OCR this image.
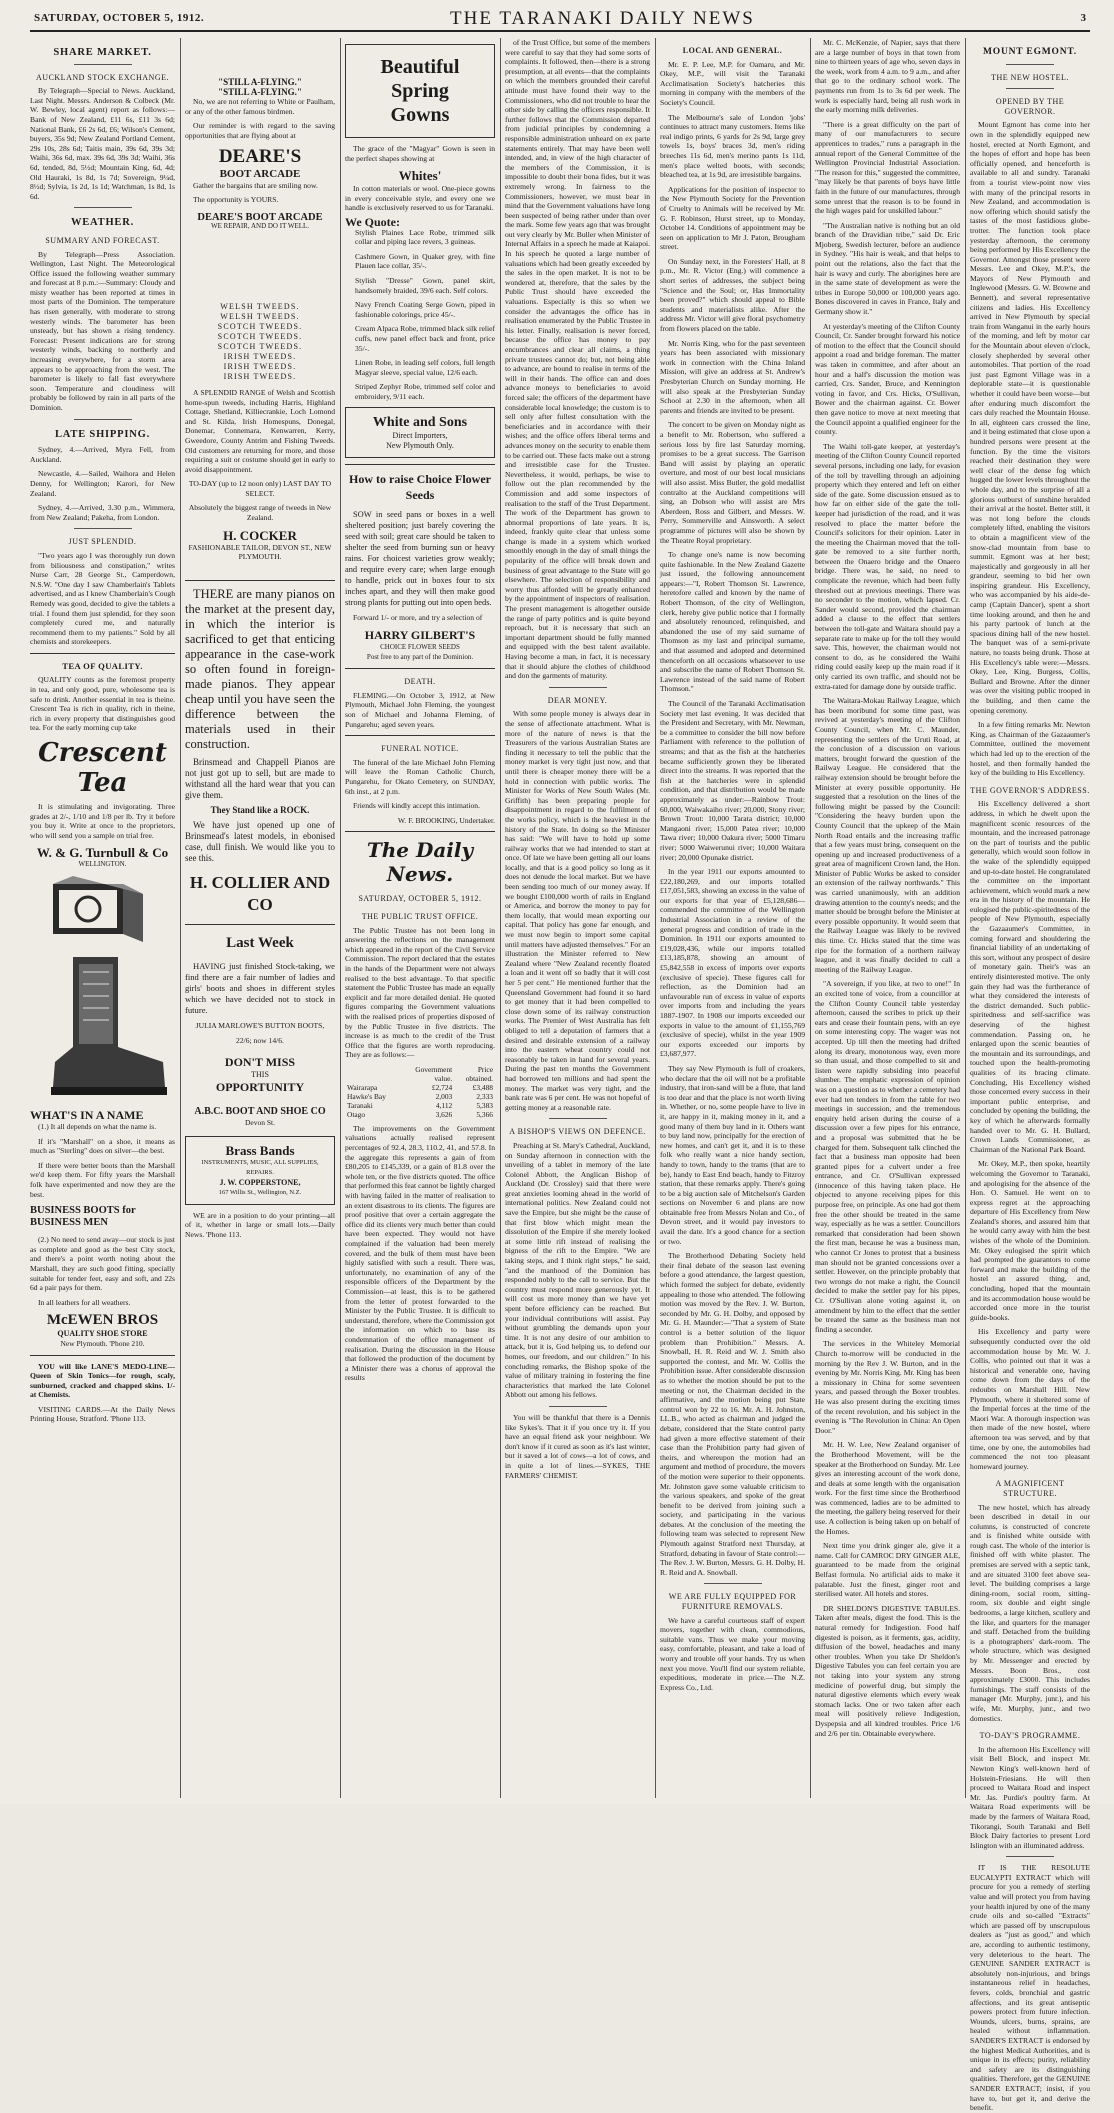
SATURDAY, OCTOBER 5, 1912.	THE TARANAKI DAILY NEWS	3
SHARE MARKET.
AUCKLAND STOCK EXCHANGE.

By Telegraph—Special to News. Auckland, Last Night. Messrs. Anderson & Colbeck (Mr. W. Bewley, local agent) report as follows:—Bank of New Zealand, £11 6s, £11 3s 6d; National Bank, £6 2s 6d, £6; Wilson's Cement, buyers, 35s 9d; New Zealand Portland Cement, 29s 10s, 28s 6d; Taitis main, 39s 6d, 39s 3d; Waihi, 36s 6d, max. 39s 6d, 39s 3d; Waihi, 36s 6d, tended, 8d, 5½d; Mountain King, 6d, 4d; Old Hauraki, 1s 8d, 1s 7d; Sovereign, 9¼d, 8½d; Sylvia, 1s 2d, 1s 1d; Watchman, 1s 8d, 1s 6d.

WEATHER.
SUMMARY AND FORECAST.

By Telegraph—Press Association. Wellington, Last Night. The Meteorological Office issued the following weather summary and forecast at 8 p.m.:—Summary: Cloudy and misty weather has been reported at times in most parts of the Dominion. The temperature has risen generally, with moderate to strong westerly winds. The barometer has been unsteady, but has shown a rising tendency. Forecast: Present indications are for strong westerly winds, backing to northerly and increasing everywhere, for a storm area appears to be approaching from the west. The barometer is likely to fall fast everywhere soon. Temperature and cloudiness will probably be followed by rain in all parts of the Dominion.

LATE SHIPPING.

Sydney, 4.—Arrived, Myra Fell, from Auckland.

Newcastle, 4.—Sailed, Waihora and Helen Denny, for Wellington; Karori, for New Zealand.

Sydney, 4.—Arrived, 3.30 p.m., Wimmera, from New Zealand; Pakeha, from London.

JUST SPLENDID.

"Two years ago I was thoroughly run down from biliousness and constipation," writes Nurse Carr, 28 George St., Camperdown, N.S.W. "One day I saw Chamberlain's Tablets advertised, and as I knew Chamberlain's Cough Remedy was good, decided to give the tablets a trial. I found them just splendid, for they soon completely cured me, and naturally recommend them to my patients." Sold by all chemists and storekeepers.

TEA OF QUALITY.

QUALITY counts as the foremost property in tea, and only good, pure, wholesome tea is safe to drink. Another essential in tea is theine. Crescent Tea is rich in quality, rich in theine, rich in every property that distinguishes good tea. For the early morning cup take

Crescent Tea

It is stimulating and invigorating. Three grades at 2/-, 1/10 and 1/8 per lb. Try it before you buy it. Write at once to the proprietors, who will send you a sample on trial free.

W. & G. Turnbull & Co
WELLINGTON.
WHAT'S IN A NAME

(1.) It all depends on what the name is.

If it's "Marshall" on a shoe, it means as much as "Sterling" does on silver—the best.

If there were better boots than the Marshall we'd keep them. For fifty years the Marshall folk have experimented and now they are the best.

BUSINESS BOOTS for BUSINESS MEN

(2.) No need to send away—our stock is just as complete and good as the best City stock, and there's a point worth noting about the Marshall, they are such good fitting, specially suitable for tender feet, easy and soft, and 22s 6d a pair pays for them.

In all leathers for all weathers.

McEWEN BROS
QUALITY SHOE STORE
New Plymouth. 'Phone 210.

YOU will like LANE'S MEDO-LINE—Queen of Skin Tonics—for rough, scaly, sunburned, cracked and chapped skins. 1/- at Chemists.

VISITING CARDS.—At the Daily News Printing House, Stratford. 'Phone 113.

"STILL A-FLYING."
"STILL A-FLYING."

No, we are not referring to White or Paulham, or any of the other famous birdmen.

Our reminder is with regard to the saving opportunities that are flying about at

DEARE'S
BOOT ARCADE

Gather the bargains that are smiling now.

The opportunity is YOURS.

DEARE'S BOOT ARCADE
WE REPAIR, AND DO IT WELL.
WELSH TWEEDS.
WELSH TWEEDS.
SCOTCH TWEEDS.
SCOTCH TWEEDS.
SCOTCH TWEEDS.
IRISH TWEEDS.
IRISH TWEEDS.
IRISH TWEEDS.

A SPLENDID RANGE of Welsh and Scottish home-spun tweeds, including Harris, Highland Cottage, Shetland, Killiecrankie, Loch Lomond and St. Kilda, Irish Homespuns, Donegal, Donemar, Connemara, Kenwarren, Kerry, Gweedore, County Antrim and Fishing Tweeds. Old customers are returning for more, and those requiring a suit or costume should get in early to avoid disappointment.

TO-DAY (up to 12 noon only) LAST DAY TO SELECT.

Absolutely the biggest range of tweeds in New Zealand.

H. COCKER
FASHIONABLE TAILOR, DEVON ST., NEW PLYMOUTH.

THERE are many pianos on the market at the present day, in which the interior is sacrificed to get that enticing appearance in the case-work so often found in foreign-made pianos. They appear cheap until you have seen the difference between the materials used in their construction.

Brinsmead and Chappell Pianos are not just got up to sell, but are made to withstand all the hard wear that you can give them.

They Stand like a ROCK.

We have just opened up one of Brinsmead's latest models, in ebonised case, dull finish. We would like you to see this.

H. COLLIER AND CO
Last Week

HAVING just finished Stock-taking, we find there are a fair number of ladies and girls' boots and shoes in different styles which we have decided not to stock in future.

JULIA MARLOWE'S BUTTON BOOTS,

22/6; now 14/6.

DON'T MISS
THIS
OPPORTUNITY
A.B.C. BOOT AND SHOE CO
Devon St.
Brass Bands
INSTRUMENTS, MUSIC, ALL SUPPLIES, REPAIRS.
J. W. COPPERSTONE,
167 Willis St., Wellington, N.Z.

WE are in a position to do your printing—all of it, whether in large or small lots.—Daily News. 'Phone 113.

Beautiful
Spring
Gowns

The grace of the "Magyar" Gown is seen in the perfect shapes showing at

Whites'

In cotton materials or wool. One-piece gowns in every conceivable style, and every one we handle is exclusively reserved to us for Taranaki.

We Quote:

Stylish Plaines Lace Robe, trimmed silk collar and piping lace revers, 3 guineas.

Cashmere Gown, in Quaker grey, with fine Plauen lace collar, 35/-.

Stylish "Dresse" Gown, panel skirt, handsomely braided, 39/6 each. Self colors.

Navy French Coating Serge Gown, piped in fashionable colorings, price 45/-.

Cream Alpaca Robe, trimmed black silk relief cuffs, new panel effect back and front, price 35/-.

Linen Robe, in leading self colors, full length Magyar sleeve, special value, 12/6 each.

Striped Zephyr Robe, trimmed self color and embroidery, 9/11 each.

White and Sons
Direct Importers,
New Plymouth Only.
How to raise Choice Flower Seeds

SOW in seed pans or boxes in a well sheltered position; just barely covering the seed with soil; great care should be taken to shelter the seed from burning sun or heavy rains. For choicest varieties grow weakly; and require every care; when large enough to handle, prick out in boxes four to six inches apart, and they will then make good strong plants for putting out into open beds.

Forward 1/- or more, and try a selection of

HARRY GILBERT'S
CHOICE FLOWER SEEDS
Post free to any part of the Dominion.
DEATH.

FLEMING.—On October 3, 1912, at New Plymouth, Michael John Fleming, the youngest son of Michael and Johanna Fleming, of Pungarehu; aged seven years.

FUNERAL NOTICE.

The funeral of the late Michael John Fleming will leave the Roman Catholic Church, Pungarehu, for Okato Cemetery, on SUNDAY, 6th inst., at 2 p.m.

Friends will kindly accept this intimation.

W. F. BROOKING, Undertaker.

The Daily News.
SATURDAY, OCTOBER 5, 1912.
THE PUBLIC TRUST OFFICE.

The Public Trustee has not been long in answering the reflections on the management which appeared in the report of the Civil Service Commission. The report declared that the estates in the hands of the Department were not always realised to the best advantage. To that specific statement the Public Trustee has made an equally explicit and far more detailed denial. He quoted figures comparing the Government valuations with the realised prices of properties disposed of by the Public Trustee in five districts. The increase is as much to the credit of the Trust Office that the figures are worth reproducing. They are as follows:—

	Government	Price
	value.	obtained.
Wairarapa	£2,724	£3,488
Hawke's Bay	2,003	2,333
Taranaki	4,112	5,383
Otago	3,626	5,366

The improvements on the Government valuations actually realised represent percentages of 92.4, 28.3, 110.2, 41, and 57.8. In the aggregate this represents a gain of from £80,205 to £145,339, or a gain of 81.8 over the whole ten, or the five districts quoted. The office that performed this feat cannot be lightly charged with having failed in the matter of realisation to an extent disastrous to its clients. The figures are proof positive that over a certain aggregate the office did its clients very much better than could have been expected. They would not have complained if the valuation had been merely covered, and the bulk of them must have been highly satisfied with such a result. There was, unfortunately, no examination of any of the responsible officers of the Department by the Commission—at least, this is to be gathered from the letter of protest forwarded to the Minister by the Public Trustee. It is difficult to understand, therefore, where the Commission got the information on which to base its condemnation of the office management of realisation. During the discussion in the House that followed the production of the document by a Minister there was a chorus of approval the results

of the Trust Office, but some of the members were careful to say that they had some sorts of complaints. It followed, then—there is a strong presumption, at all events—that the complaints on which the members grounded their careful attitude must have found their way to the Commissioners, who did not trouble to hear the other side by calling the officers responsible. It further follows that the Commission departed from judicial principles by condemning a responsible administration unheard on ex parte statements entirely. That may have been well intended, and, in view of the high character of the members of the Commission, it is impossible to doubt their bona fides, but it was extremely wrong. In fairness to the Commissioners, however, we must bear in mind that the Government valuations have long been suspected of being rather under than over the mark. Some few years ago that was brought out very clearly by Mr. Buller when Minister of Internal Affairs in a speech he made at Kaiapoi. In his speech he quoted a large number of valuations which had been greatly exceeded by the sales in the open market. It is not to be wondered at, therefore, that the sales by the Public Trust should have exceeded the valuations. Especially is this so when we consider the advantages the office has in realisation enumerated by the Public Trustee in his letter. Finally, realisation is never forced, because the office has money to pay encumbrances and clear all claims, a thing private trustees cannot do; but, not being able to advance, are bound to realise in terms of the will in their hands. The office can and does advance moneys to beneficiaries to avoid forced sale; the officers of the department have considerable local knowledge; the custom is to sell only after fullest consultation with the beneficiaries and in accordance with their wishes; and the office offers liberal terms and advances money on the security to enable them to be carried out. These facts make out a strong and irresistible case for the Trustee. Nevertheless, it would, perhaps, be wise to follow out the plan recommended by the Commission and add some inspectors of realisation to the staff of the Trust Department. The work of the Department has grown to abnormal proportions of late years. It is, indeed, frankly quite clear that unless some change is made in a system which worked smoothly enough in the day of small things the popularity of the office will break down and business of great advantage to the State will go elsewhere. The selection of responsibility and worry thus afforded will be greatly enhanced by the appointment of inspectors of realisation. The present management is altogether outside the range of party politics and is quite beyond reproach, but it is necessary that such an important department should be fully manned and equipped with the best talent available. Having become a man, in fact, it is necessary that it should abjure the clothes of childhood and don the garments of maturity.

DEAR MONEY.

With some people money is always dear in the sense of affectionate attachment. What is more of the nature of news is that the Treasurers of the various Australian States are finding it necessary to tell the public that the money market is very tight just now, and that until there is cheaper money there will be a hold in connection with public works. The Minister for Works of New South Wales (Mr. Griffith) has been preparing people for disappointment in regard to the fulfilment of the works policy, which is the heaviest in the history of the State. In doing so the Minister has said: "We will have to hold up some railway works that we had intended to start at once. Of late we have been getting all our loans locally, and that is a good policy so long as it does not denude the local market. But we have been sending too much of our money away. If we bought £100,000 worth of rails in England or America, and borrow the money to pay for them locally, that would mean exporting our capital. That policy has gone far enough, and we must now begin to import some capital until matters have adjusted themselves." For an illustration the Minister referred to New Zealand where "New Zealand recently floated a loan and it went off so badly that it will cost her 5 per cent." He mentioned further that the Queensland Government had found it so hard to get money that it had been compelled to close down some of its railway construction works. The Premier of West Australia has felt obliged to tell a deputation of farmers that a desired and desirable extension of a railway into the eastern wheat country could not reasonably be taken in hand for several years. During the past ten months the Government had borrowed ten millions and had spent the money. The market was very tight, and the bank rate was 6 per cent. He was not hopeful of getting money at a reasonable rate.

A BISHOP'S VIEWS ON DEFENCE.

Preaching at St. Mary's Cathedral, Auckland, on Sunday afternoon in connection with the unveiling of a tablet in memory of the late Colonel Abbott, the Anglican Bishop of Auckland (Dr. Crossley) said that there were great anxieties looming ahead in the world of international politics. New Zealand could not save the Empire, but she might be the cause of that first blow which might mean the dissolution of the Empire if she merely looked at some little rift instead of realising the bigness of the rift to the Empire. "We are taking steps, and I think right steps," he said, "and the manhood of the Dominion has responded nobly to the call to service. But the country must respond more generously yet. It will cost us more money than we have yet spent before efficiency can be reached. But your individual contributions will assist. Pay without grumbling the demands upon your time. It is not any desire of our ambition to attack, but it is, God helping us, to defend our homes, our freedom, and our children." In his concluding remarks, the Bishop spoke of the value of military training in fostering the fine characteristics that marked the late Colonel Abbott out among his fellows.

You will be thankful that there is a Dennis like Sykes's. That it if you once try it. If you have an equal friend ask your neighbour. We don't know if it cured as soon as it's last winter, but it saved a lot of cows—a lot of cows, and in quite a lot of lines.—SYKES, THE FARMERS' CHEMIST.

LOCAL AND GENERAL.

Mr. E. P. Lee, M.P. for Oamaru, and Mr. Okey, M.P., will visit the Taranaki Acclimatisation Society's hatcheries this morning in company with the members of the Society's Council.

The Melbourne's sale of London 'jobs' continues to attract many customers. Items like real indigo prints, 6 yards for 2s 9d, large grey towels 1s, boys' braces 3d, men's riding breeches 11s 6d, men's merino pants 1s 11d, men's place welted boots, with seconds; bleached tea, at 1s 9d, are irresistible bargains.

Applications for the position of inspector to the New Plymouth Society for the Prevention of Cruelty to Animals will be received by Mr. G. F. Robinson, Hurst street, up to Monday, October 14. Conditions of appointment may be seen on application to Mr J. Paton, Brougham street.

On Sunday next, in the Foresters' Hall, at 8 p.m., Mr. R. Victor (Eng.) will commence a short series of addresses, the subject being "Science and the Soul; or, Has Immortality been proved?" which should appeal to Bible students and materialists alike. After the address Mr. Victor will give floral psychometry from flowers placed on the table.

Mr. Norris King, who for the past seventeen years has been associated with missionary work in connection with the China Inland Mission, will give an address at St. Andrew's Presbyterian Church on Sunday morning. He will also speak at the Presbyterian Sunday School at 2.30 in the afternoon, when all parents and friends are invited to be present.

The concert to be given on Monday night as a benefit to Mr. Robertson, who suffered a serious loss by fire last Saturday morning, promises to be a great success. The Garrison Band will assist by playing an operatic overture, and most of our best local musicians will also assist. Miss Butler, the gold medallist contralto at the Auckland competitions will sing, an Dobson who will assist are Mrs Aberdeen, Ross and Gilbert, and Messrs. W. Perry, Sommerville and Ainsworth. A select programme of pictures will also be shown by the Theatre Royal proprietary.

To change one's name is now becoming quite fashionable. In the New Zealand Gazette just issued, the following announcement appears:—"I, Robert Thomson St. Lawrence, heretofore called and known by the name of Robert Thomson, of the city of Wellington, clerk, hereby give public notice that I formally and absolutely renounced, relinquished, and abandoned the use of my said surname of Thomson as my last and principal surname, and that assumed and adopted and determined thenceforth on all occasions whatsoever to use and subscribe the name of Robert Thomson St. Lawrence instead of the said name of Robert Thomson."

The Council of the Taranaki Acclimatisation Society met last evening. It was decided that the President and Secretary, with Mr. Newman, be a committee to consider the bill now before Parliament with reference to the pollution of streams; and that as the fish at the hatcheries became sufficiently grown they be liberated direct into the streams. It was reported that the fish at the hatcheries were in splendid condition, and that distribution would be made approximately as under:—Rainbow Trout: 60,000, Waiwakaiho river; 20,000, Stony river; Brown Trout: 10,000 Tarata district; 10,000 Mangaoni river; 15,000 Patea river; 10,000 Tawa river; 10,000 Oakura river; 5000 Timaru river; 5000 Waiwerunui river; 10,000 Waitara river; 20,000 Opunake district.

In the year 1911 our exports amounted to £22,180,269, and our imports totalled £17,051,583, showing an excess in the value of our exports for that year of £5,128,686—commended the committee of the Wellington Industrial Association in a review of the general progress and condition of trade in the Dominion. In 1911 our exports amounted to £19,028,436, while our imports totalled £13,185,878, showing an amount of £5,842,558 in excess of imports over exports (exclusive of specie). These figures call for reflection, as the Dominion had an unfavourable run of excess in value of exports over imports from and including the years 1887-1907. In 1908 our imports exceeded our exports in value to the amount of £1,155,769 (exclusive of specie), whilst in the year 1909 our exports exceeded our imports by £3,687,977.

They say New Plymouth is full of croakers, who declare that the oil will not be a profitable industry, that iron-sand will be a flute, that land is too dear and that the place is not worth living in. Whether, or no, some people have to live in it, are happy in it, making money in it, and a good many of them buy land in it. Others want to buy land now, principally for the erection of new homes, and can't get it, and it is to these folk who really want a nice handy section, handy to town, handy to the trams (that are to be), handy to East End beach, handy to Fitzroy station, that these remarks apply. There's going to be a big auction sale of Mitchelson's Garden sections on November 6 and plans are now obtainable free from Messrs Nolan and Co., of Devon street, and it would pay investors to avail the date. It's a good chance for a section or two.

The Brotherhood Debating Society held their final debate of the season last evening before a good attendance, the largest question, which formed the subject for debate, evidently appealing to those who attended. The following motion was moved by the Rev. J. W. Burton, seconded by Mr. G. H. Dolby, and opposed by Mr. G. H. Maunder:—"That a system of State control is a better solution of the liquor problem than Prohibition." Messrs. A. Snowball, H. R. Reid and W. J. Smith also supported the contest, and Mr. W. Collis the Prohibition issue. After considerable discussion as to whether the motion should be put to the meeting or not, the Chairman decided in the affirmative, and the motion being put State control won by 22 to 16. Mr. A. H. Johnston, LL.B., who acted as chairman and judged the debate, considered that the State control party had given a more effective statement of their case than the Prohibition party had given of theirs, and whereupon the motion had an argument and method of procedure, the movers of the motion were superior to their opponents. Mr. Johnston gave some valuable criticism to the various speakers, and spoke of the great benefit to be derived from joining such a society, and participating in the various debates. At the conclusion of the meeting the following team was selected to represent New Plymouth against Stratford next Thursday, at Stratford, debating in favour of State control:—The Rev. J. W. Burton, Messrs. G. H. Dolby, H. R. Reid and A. Snowball.

WE ARE FULLY EQUIPPED FOR FURNITURE REMOVALS.

We have a careful courteous staff of expert movers, together with clean, commodious, suitable vans. Thus we make your moving easy, comfortable, pleasant, and take a load of worry and trouble off your hands. Try us when next you move. You'll find our system reliable, expeditious, moderate in price.—The N.Z. Express Co., Ltd.

Mr. C. McKenzie, of Napier, says that there are a large number of boys in that town from nine to thirteen years of age who, seven days in the week, work from 4 a.m. to 9 a.m., and after that go to the ordinary school work. The payments run from 1s to 3s 6d per week. The work is especially hard, being all rush work in the early morning milk deliveries.

"There is a great difficulty on the part of many of our manufacturers to secure apprentices to trades," runs a paragraph in the annual report of the General Committee of the Wellington Provincial Industrial Association. "The reason for this," suggested the committee, "may likely be that parents of boys have little faith in the future of our manufactures, through some unrest that the reason is to be found in the high wages paid for unskilled labour."

"The Australian native is nothing but an old branch of the Dravidian tribe," said Dr. Eric Mjoberg, Swedish lecturer, before an audience in Sydney. "His hair is weak, and that helps to point out the relations, also the fact that the hair is wavy and curly. The aborigines here are in the same state of development as were the tribes in Europe 50,000 or 100,000 years ago. Bones discovered in caves in France, Italy and Germany show it."

At yesterday's meeting of the Clifton County Council, Cr. Sander brought forward his notice of motion to the effect that the Council should appoint a road and bridge foreman. The matter was taken in committee, and after about an hour and a half's discussion the motion was carried, Crs. Sander, Bruce, and Kennington voting in favor, and Crs. Hicks, O'Sullivan, Bower and the chairman against. Cr. Bower then gave notice to move at next meeting that the Council appoint a qualified engineer for the county.

The Waihi toll-gate keeper, at yesterday's meeting of the Clifton County Council reported several persons, including one lady, for evasion of the toll by travelling through an adjoining property which they entered and left on either side of the gate. Some discussion ensued as to how far on either side of the gate the toll-keeper had jurisdiction of the road, and it was resolved to place the matter before the Council's solicitors for their opinion. Later in the meeting the Chairman moved that the toll-gate be removed to a site further north, between the Onaero bridge and the Onaero bridge. There was, he said, no need to complicate the revenue, which had been fully threshed out at previous meetings. There was no seconder to the motion, which lapsed. Cr. Sander would second, provided the chairman added a clause to the effect that settlers between the toll-gate and Waitara should pay a separate rate to make up for the toll they would save. This, however, the chairman would not consent to do, as he considered the Waihi riding could easily keep up the main road if it only carried its own traffic, and should not be extra-rated for damage done by outside traffic.

The Waitara-Mokau Railway League, which has been moribund for some time past, was revived at yesterday's meeting of the Clifton County Council, when Mr. C. Maunder, representing the settlers of the Uruti Road, at the conclusion of a discussion on various matters, brought forward the question of the Railway League. He considered that the railway extension should be brought before the Minister at every possible opportunity. He suggested that a resolution on the lines of the following might be passed by the Council: "Considering the heavy burden upon the County Council that the upkeep of the Main North Road entails and the increasing traffic that a few years must bring, consequent on the opening up and increased productiveness of a great area of magnificent Crown land, the Hon. Minister of Public Works be asked to consider an extension of the railway northwards." This was carried unanimously, with an addition drawing attention to the county's needs; and the matter should be brought before the Minister at every possible opportunity. It would seem that the Railway League was likely to be revived this time. Cr. Hicks stated that the time was ripe for the formation of a northern railway league, and it was finally decided to call a meeting of the Railway League.

"A sovereign, if you like, at two to one!" In an excited tone of voice, from a councillor at the Clifton County Council table yesterday afternoon, caused the scribes to prick up their ears and cease their fountain pens, with an eye on some interesting copy. The wager was not accepted. Up till then the meeting had drifted along its dreary, monotonous way, even more so than usual, and those compelled to sit and listen were rapidly subsiding into peaceful slumber. The emphatic expression of opinion was on a question as to whether a cemetery had ever had ten tenders in from the table for two meetings in succession, and the tremendous enquiry held arisen during the course of a discussion over a few pipes for his entrance, and a proposal was submitted that he be charged for them. Subsequent talk clinched the fact that a business man opposite had been granted pipes for a culvert under a free entrance, and Cr. O'Sullivan expressed (innocence of this having taken place. He objected to anyone receiving pipes for this purpose free, on principle. As one had got them free the other should be treated in the same way, especially as he was a settler. Councillors remarked that consideration had been shown the first man, because he was a business man, who cannot Cr Jones to protest that a business man should not be granted concessions over a settler. However, on the principle probably that two wrongs do not make a right, the Council decided to make the settler pay for his pipes, Cr. O'Sullivan alone voting against it, on amendment by him to the effect that the settler be treated the same as the business man not finding a seconder.

The services in the Whiteley Memorial Church to-morrow will be conducted in the morning by the Rev J. W. Burton, and in the evening by Mr. Norris King. Mr. King has been a missionary in China for some seventeen years, and passed through the Boxer troubles. He was also present during the exciting times of the recent revolution, and his subject in the evening is "The Revolution in China: An Open Door."

Mr. H. W. Lee, New Zealand organiser of the Brotherhood Movement, will be the speaker at the Brotherhood on Sunday. Mr. Lee gives an interesting account of the work done, and deals at some length with the organisation work. For the first time since the Brotherhood was commenced, ladies are to be admitted to the meeting, the gallery being reserved for their use. A collection is being taken up on behalf of the Homes.

Next time you drink ginger ale, give it a name. Call for CAMROC DRY GINGER ALE, guaranteed to be made from the original Belfast formula. No artificial aids to make it palatable. Just the finest, ginger root and sterilised water. All hotels and stores.

DR SHELDON'S DIGESTIVE TABULES. Taken after meals, digest the food. This is the natural remedy for Indigestion. Food half digested is poison, as it ferments, gas, acidity, diffusion of the bowel, headaches and many other troubles. When you take Dr Sheldon's Digestive Tabules you can feel certain you are not taking into your system any strong medicine of powerful drug, but simply the natural digestive elements which every weak stomach lacks. One or two taken after each meal will positively relieve Indigestion, Dyspepsia and all kindred troubles. Price 1/6 and 2/6 per tin. Obtainable everywhere.

MOUNT EGMONT.
THE NEW HOSTEL.
OPENED BY THE GOVERNOR.

Mount Egmont has come into her own in the splendidly equipped new hostel, erected at North Egmont, and the hopes of effort and hope has been officially opened, and henceforth is available to all and sundry. Taranaki from a tourist view-point now vies with many of the principal resorts in New Zealand, and accommodation is now offering which should satisfy the tastes of the most fastidious globe-trotter. The function took place yesterday afternoon, the ceremony being performed by His Excellency the Governor. Amongst those present were Messrs. Lee and Okey, M.P.'s, the Mayors of New Plymouth and Inglewood (Messrs. G. W. Browne and Bennett), and several representative citizens and ladies. His Excellency arrived in New Plymouth by special train from Wanganui in the early hours of the morning, and left by motor car for the Mountain about eleven o'clock, closely shepherded by several other automobiles. That portion of the road just past Egmont Village was in a deplorable state—it is questionable whether it could have been worse—but after enduring much discomfort the cars duly reached the Mountain House. In all, eighteen cars crossed the line, and it being estimated that close upon a hundred persons were present at the function. By the time the visitors reached their destination they were well clear of the dense fog which hugged the lower levels throughout the whole day, and to the surprise of all a glorious outburst of sunshine heralded their arrival at the hostel. Better still, it was not long before the clouds completely lifted, enabling the visitors to obtain a magnificent view of the snow-clad mountain from base to summit. Egmont was at her best; majestically and gorgeously in all her grandeur, seeming to bid her own inspiring grandeur. His Excellency, who was accompanied by his aide-de-camp (Captain Dancer), spent a short time looking around, and then he and his party partook of lunch at the spacious dining hall of the new hostel. The banquet was of a semi-private nature, no toasts being drunk. Those at His Excellency's table were:—Messrs. Okey, Lee, King, Burgess, Collis, Bullard and Browne. After the dinner was over the visiting public trooped in the building, and then came the opening ceremony.

In a few fitting remarks Mr. Newton King, as Chairman of the Gazaaumer's Committee, outlined the movement which had led up to the erection of the hostel, and then formally handed the key of the building to His Excellency.

THE GOVERNOR'S ADDRESS.

His Excellency delivered a short address, in which he dwelt upon the magnificent scenic resources of the mountain, and the increased patronage on the part of tourists and the public generally, which would soon follow in the wake of the splendidly equipped and up-to-date hostel. He congratulated the committee on the important achievement, which would mark a new era in the history of the mountain. He eulogised the public-spiritedness of the people of New Plymouth, especially the Gazaaumer's Committee, in coming forward and shouldering the financial liability of an undertaking of this sort, without any prospect of desire of monetary gain. Their's was an entirely disinterested motive. The only gain they had was the furtherance of what they considered the interests of the district demanded. Such public-spiritedness and self-sacrifice was deserving of the highest commendation. Passing on, he enlarged upon the scenic beauties of the mountain and its surroundings, and touched upon the health-promoting qualities of its bracing climate. Concluding, His Excellency wished those concerned every success in their important public enterprise, and concluded by opening the building, the key of which he afterwards formally handed over to Mr. G. H. Bullard, Crown Lands Commissioner, as Chairman of the National Park Board.

Mr. Okey, M.P., then spoke, heartily welcoming the Governor to Taranaki, and apologising for the absence of the Hon. O. Samuel. He went on to express regret at the approaching departure of His Excellency from New Zealand's shores, and assured him that he would carry away with him the best wishes of the whole of the Dominion. Mr. Okey eulogised the spirit which had prompted the guarantors to come forward and make the building of the hostel an assured thing, and, concluding, hoped that the mountain and its accommodation house would be accorded once more in the tourist guide-books.

His Excellency and party were subsequently conducted over the old accommodation house by Mr. W. J. Collis, who pointed out that it was a historical and venerable one, having come down from the days of the redoubts on Marshall Hill. New Plymouth, where it sheltered some of the Imperial forces at the time of the Maori War. A thorough inspection was then made of the new hostel, where afternoon tea was served, and by that time, one by one, the automobiles had commenced the not too pleasant homeward journey.

A MAGNIFICENT STRUCTURE.

The new hostel, which has already been described in detail in our columns, is constructed of concrete and is finished white outside with rough cast. The whole of the interior is finished off with white plaster. The premises are served with a septic tank, and are situated 3100 feet above sea-level. The building comprises a large dining-room, social room, sitting-room, six double and eight single bedrooms, a large kitchen, scullery and the like, and quarters for the manager and staff. Detached from the building is a photographers' dark-room. The whole structure, which was designed by Mr. Messenger and erected by Messrs. Boon Bros., cost approximately £3000. This includes furnishings. The staff consists of the manager (Mr. Murphy, junr.), and his wife, Mr. Murphy, junr., and two domestics.

TO-DAY'S PROGRAMME.

In the afternoon His Excellency will visit Bell Block, and inspect Mr. Newton King's well-known herd of Holstein-Friesians. He will then proceed to Waitara Road and inspect Mr. Jas. Purdie's poultry farm. At Waitara Road experiments will be made by the farmers of Waitara Road, Tikorangi, South Taranaki and Bell Block Dairy factories to present Lord Islington with an illuminated address.

IT IS THE RESOLUTE EUCALYPTI EXTRACT which will procure for you a remedy of sterling value and will protect you from having your health injured by one of the many crude oils and so-called "Extracts" which are passed off by unscrupulous dealers as "just as good," and which are, according to authentic testimony, very deleterious to the heart. The GENUINE SANDER EXTRACT is absolutely non-injurious, and brings instantaneous relief in headaches, fevers, colds, bronchial and gastric affections, and its great antiseptic powers protect from future infection. Wounds, ulcers, burns, sprains, are healed without inflammation. SANDER'S EXTRACT is endorsed by the highest Medical Authorities, and is unique in its effects; purity, reliability and safety are its distinguishing qualities. Therefore, get the GENUINE SANDER EXTRACT; insist, if you have to, but get it, and derive the benefit.
